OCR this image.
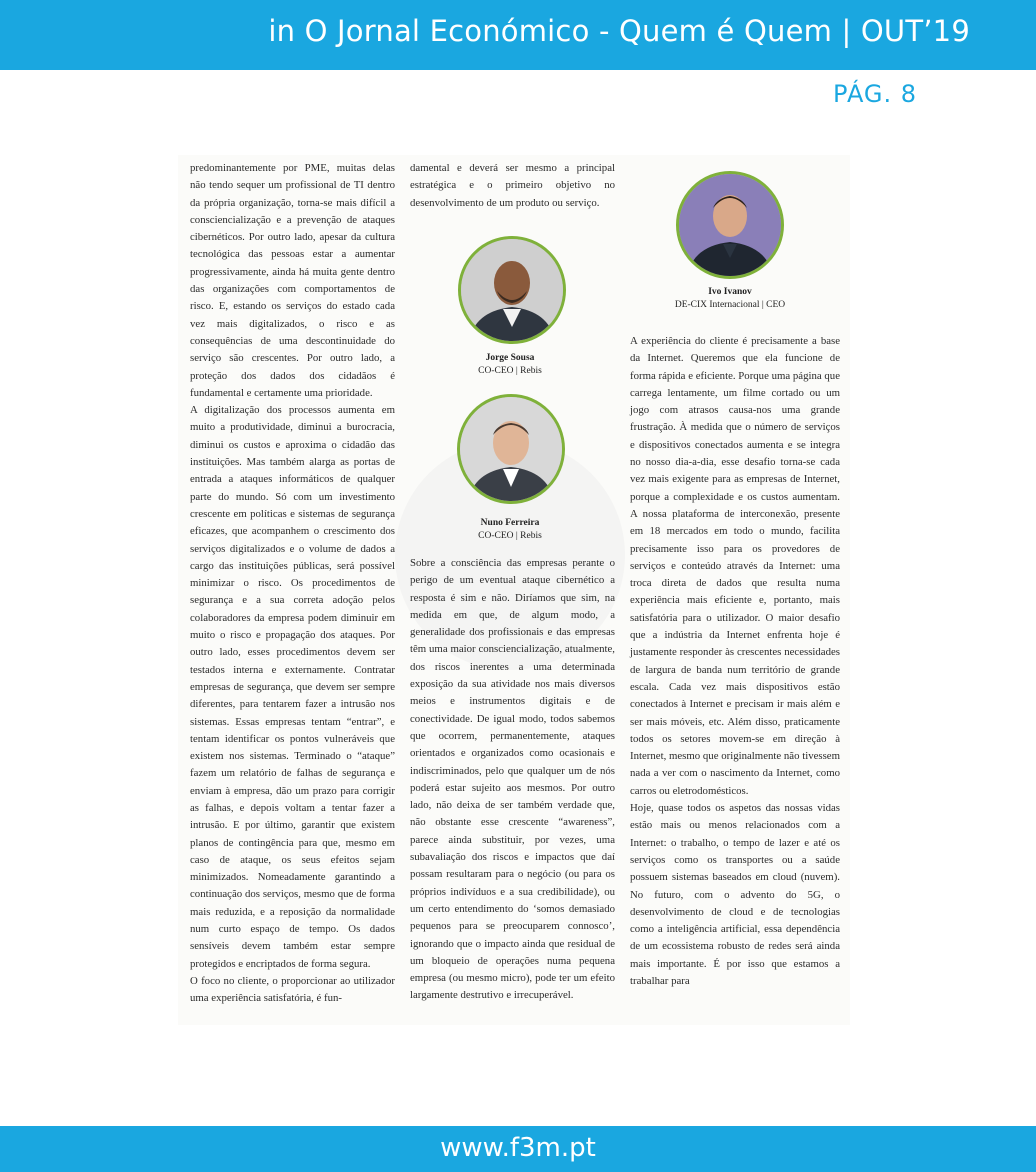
in O Jornal Económico - Quem é Quem | OUT’19
PÁG. 8

predominantemente por PME, muitas delas não tendo sequer um profissional de TI dentro da própria organização, torna-se mais difícil a consciencialização e a prevenção de ataques cibernéticos. Por outro lado, apesar da cultura tecnológica das pessoas estar a aumentar progressivamente, ainda há muita gente dentro das organizações com comportamentos de risco. E, estando os serviços do estado cada vez mais digitalizados, o risco e as consequências de uma descontinuidade do serviço são crescentes. Por outro lado, a proteção dos dados dos cidadãos é fundamental e certamente uma prioridade.

A digitalização dos processos aumenta em muito a produtividade, diminui a burocracia, diminui os custos e aproxima o cidadão das instituições. Mas também alarga as portas de entrada a ataques informáticos de qualquer parte do mundo. Só com um investimento crescente em políticas e sistemas de segurança eficazes, que acompanhem o crescimento dos serviços digitalizados e o volume de dados a cargo das instituições públicas, será possível minimizar o risco. Os procedimentos de segurança e a sua correta adoção pelos colaboradores da empresa podem diminuir em muito o risco e propagação dos ataques. Por outro lado, esses procedimentos devem ser testados interna e externamente. Contratar empresas de segurança, que devem ser sempre diferentes, para tentarem fazer a intrusão nos sistemas. Essas empresas tentam “entrar”, e tentam identificar os pontos vulneráveis que existem nos sistemas. Terminado o “ataque” fazem um relatório de falhas de segurança e enviam à empresa, dão um prazo para corrigir as falhas, e depois voltam a tentar fazer a intrusão. E por último, garantir que existem planos de contingência para que, mesmo em caso de ataque, os seus efeitos sejam minimizados. Nomeadamente garantindo a continuação dos serviços, mesmo que de forma mais reduzida, e a reposição da normalidade num curto espaço de tempo. Os dados sensíveis devem também estar sempre protegidos e encriptados de forma segura.

O foco no cliente, o proporcionar ao utilizador uma experiência satisfatória, é fun-

damental e deverá ser mesmo a principal estratégica e o primeiro objetivo no desenvolvimento de um produto ou serviço.

Jorge Sousa
CO-CEO | Rebis
Nuno Ferreira
CO-CEO | Rebis

Sobre a consciência das empresas perante o perigo de um eventual ataque cibernético a resposta é sim e não. Diríamos que sim, na medida em que, de algum modo, a generalidade dos profissionais e das empresas têm uma maior consciencialização, atualmente, dos riscos inerentes a uma determinada exposição da sua atividade nos mais diversos meios e instrumentos digitais e de conectividade. De igual modo, todos sabemos que ocorrem, permanentemente, ataques orientados e organizados como ocasionais e indiscriminados, pelo que qualquer um de nós poderá estar sujeito aos mesmos. Por outro lado, não deixa de ser também verdade que, não obstante esse crescente “awareness”, parece ainda substituir, por vezes, uma subavaliação dos riscos e impactos que daí possam resultaram para o negócio (ou para os próprios indivíduos e a sua credibilidade), ou um certo entendimento do ‘somos demasiado pequenos para se preocuparem connosco’, ignorando que o impacto ainda que residual de um bloqueio de operações numa pequena empresa (ou mesmo micro), pode ter um efeito largamente destrutivo e irrecuperável.

Ivo Ivanov
DE-CIX Internacional | CEO

A experiência do cliente é precisamente a base da Internet. Queremos que ela funcione de forma rápida e eficiente. Porque uma página que carrega lentamente, um filme cortado ou um jogo com atrasos causa-nos uma grande frustração. À medida que o número de serviços e dispositivos conectados aumenta e se integra no nosso dia-a-dia, esse desafio torna-se cada vez mais exigente para as empresas de Internet, porque a complexidade e os custos aumentam. A nossa plataforma de interconexão, presente em 18 mercados em todo o mundo, facilita precisamente isso para os provedores de serviços e conteúdo através da Internet: uma troca direta de dados que resulta numa experiência mais eficiente e, portanto, mais satisfatória para o utilizador. O maior desafio que a indústria da Internet enfrenta hoje é justamente responder às crescentes necessidades de largura de banda num território de grande escala. Cada vez mais dispositivos estão conectados à Internet e precisam ir mais além e ser mais móveis, etc. Além disso, praticamente todos os setores movem-se em direção à Internet, mesmo que originalmente não tivessem nada a ver com o nascimento da Internet, como carros ou eletrodomésticos.

Hoje, quase todos os aspetos das nossas vidas estão mais ou menos relacionados com a Internet: o trabalho, o tempo de lazer e até os serviços como os transportes ou a saúde possuem sistemas baseados em cloud (nuvem). No futuro, com o advento do 5G, o desenvolvimento de cloud e de tecnologias como a inteligência artificial, essa dependência de um ecossistema robusto de redes será ainda mais importante. É por isso que estamos a trabalhar para

www.f3m.pt
